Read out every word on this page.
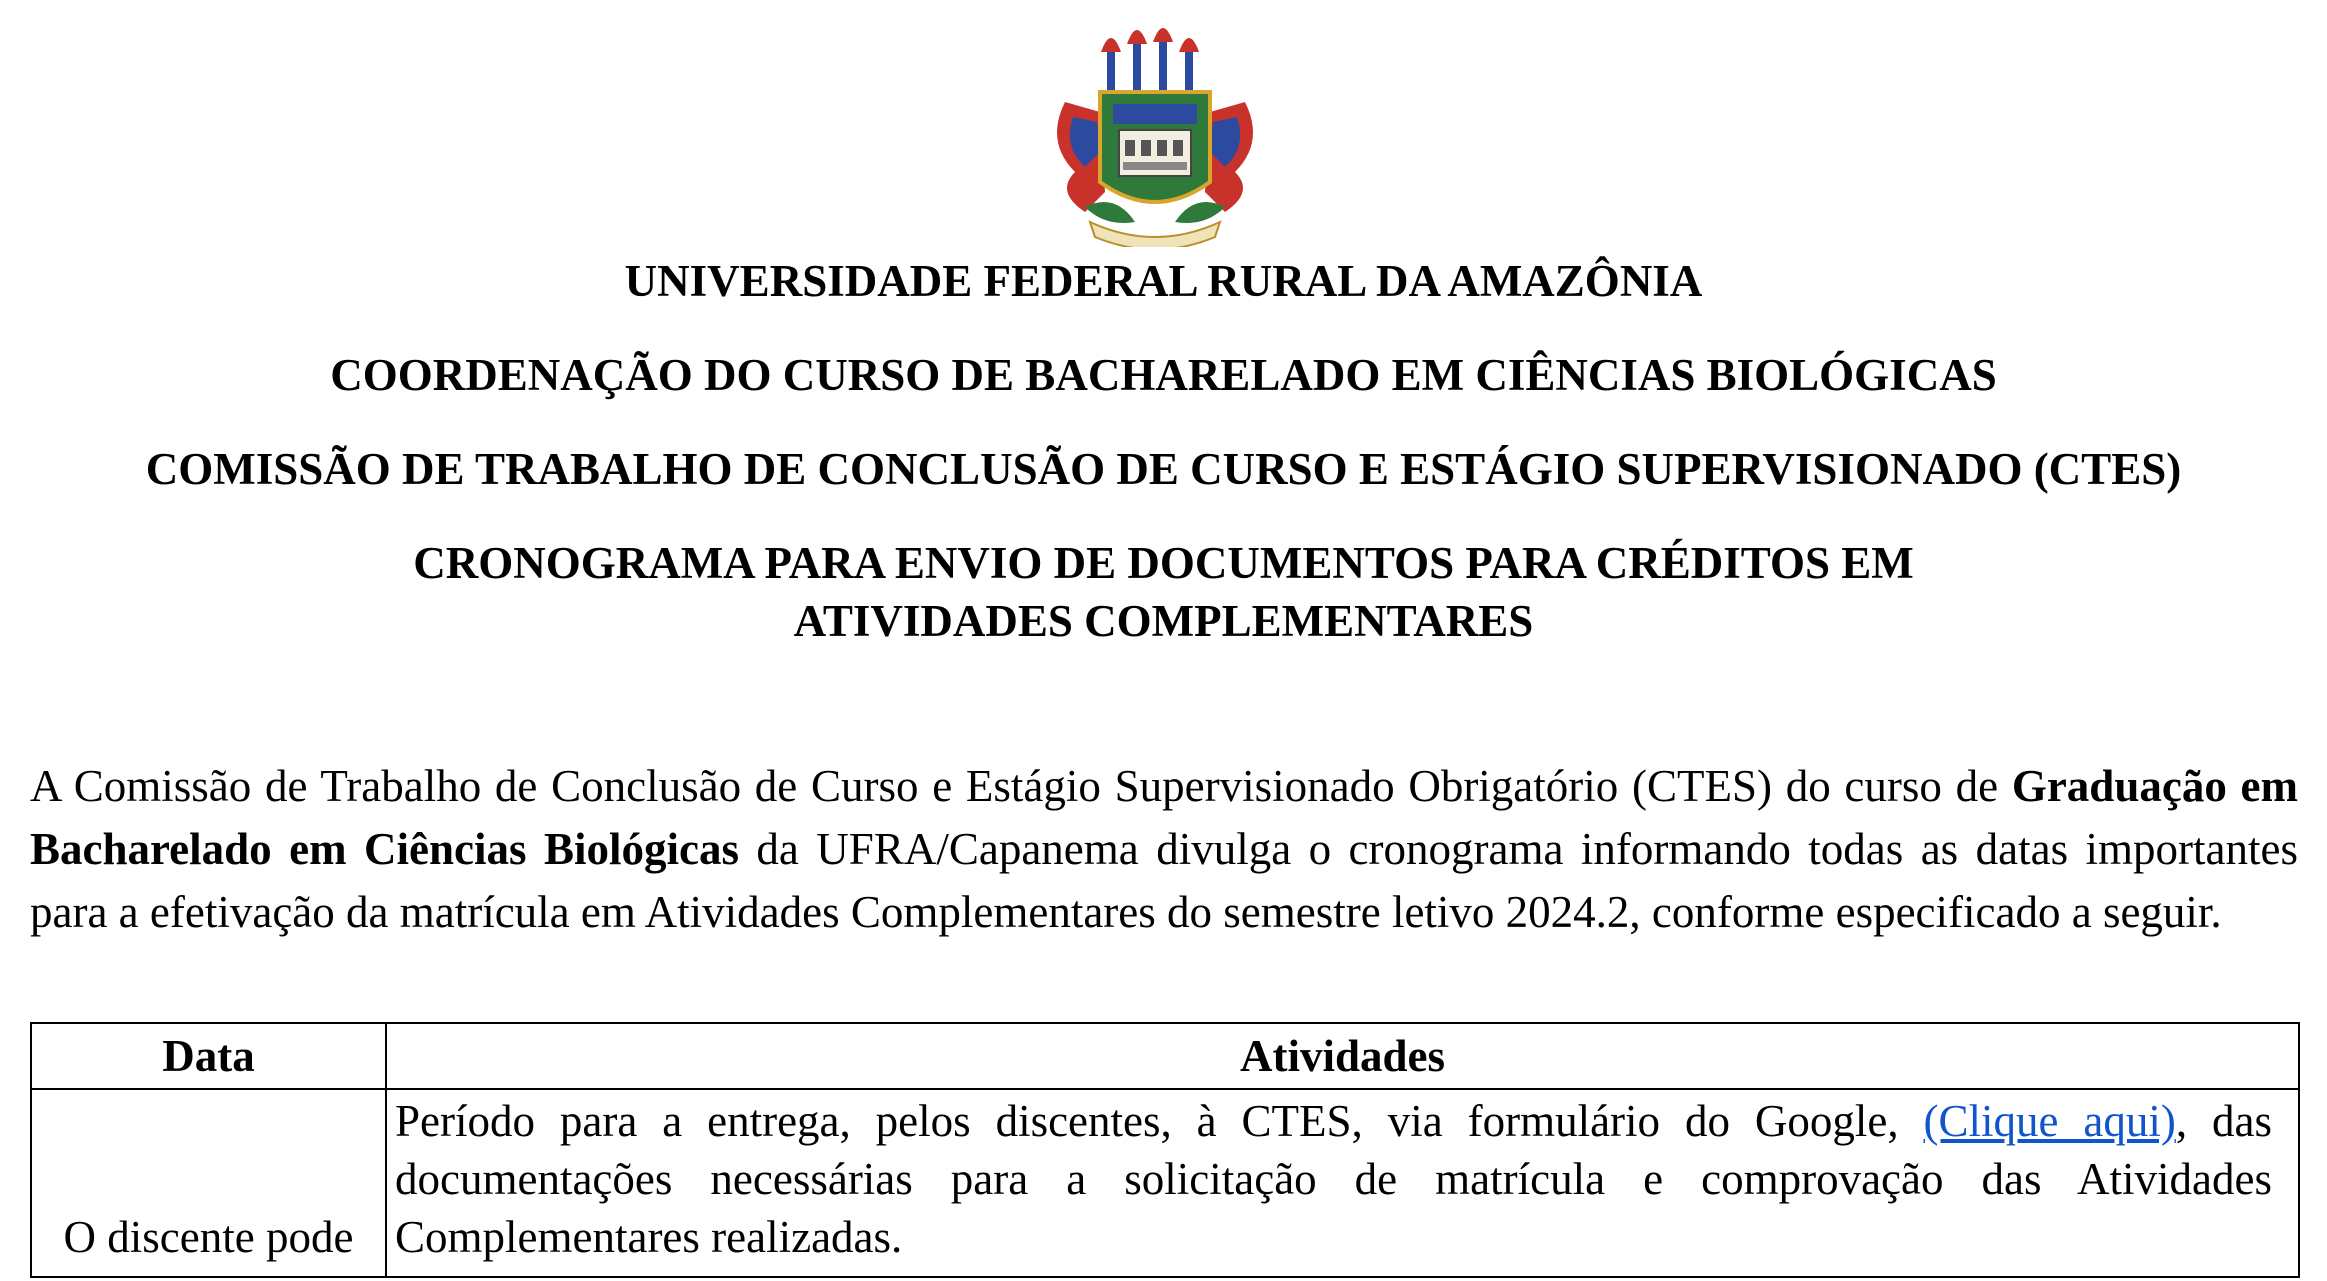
UNIVERSIDADE FEDERAL RURAL DA AMAZÔNIA
COORDENAÇÃO DO CURSO DE BACHARELADO EM CIÊNCIAS BIOLÓGICAS
COMISSÃO DE TRABALHO DE CONCLUSÃO DE CURSO E ESTÁGIO SUPERVISIONADO (CTES)
CRONOGRAMA PARA ENVIO DE DOCUMENTOS PARA CRÉDITOS EM
ATIVIDADES COMPLEMENTARES

A Comissão de Trabalho de Conclusão de Curso e Estágio Supervisionado Obrigatório (CTES) do curso de Graduação em Bacharelado em Ciências Biológicas da UFRA/Capanema divulga o cronograma informando todas as datas importantes para a efetivação da matrícula em Atividades Complementares do semestre letivo 2024.2, conforme especificado a seguir.

Data	Atividades

O discente pode	Período para a entrega, pelos discentes, à CTES, via formulário do Google, (Clique aqui), das documentações necessárias para a solicitação de matrícula e comprovação das Atividades Complementares realizadas.
